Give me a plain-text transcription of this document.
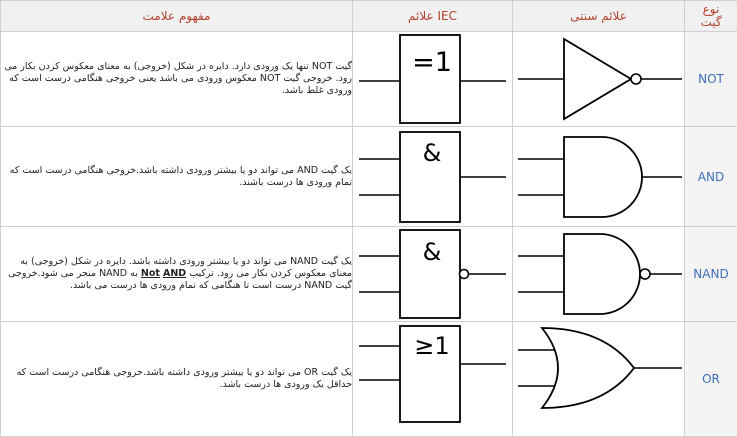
مفهوم علامت	علائم IEC	علائم سنتی	نوع گیت
گیت NOT تنها یک ورودی دارد. دایره در شکل (خروجی) به معنای معکوس کردن بکار می رود. خروجی گیت NOT معکوس ورودی می باشد یعنی خروجی هنگامی درست است که ورودی غلط باشد.	=1		NOT
یک گیت AND می تواند دو یا بیشتر ورودی داشته باشد.خروجی هنگامی درست است که تمام ورودی ها درست باشند.	&		AND
یک گیت NAND می تواند دو یا بیشتر ورودی داشته باشد. دایره در شکل (خروجی) به معنای معکوس کردن بکار می رود. ترکیب Not AND به NAND منجر می شود.خروجی گیت NAND درست است تا هنگامی که تمام ورودی ها درست می باشد.	&		NAND
یک گیت OR می تواند دو یا بیشتر ورودی داشته باشد.خروجی هنگامی درست است که حداقل یک ورودی ها درست باشد.	≥1		OR
